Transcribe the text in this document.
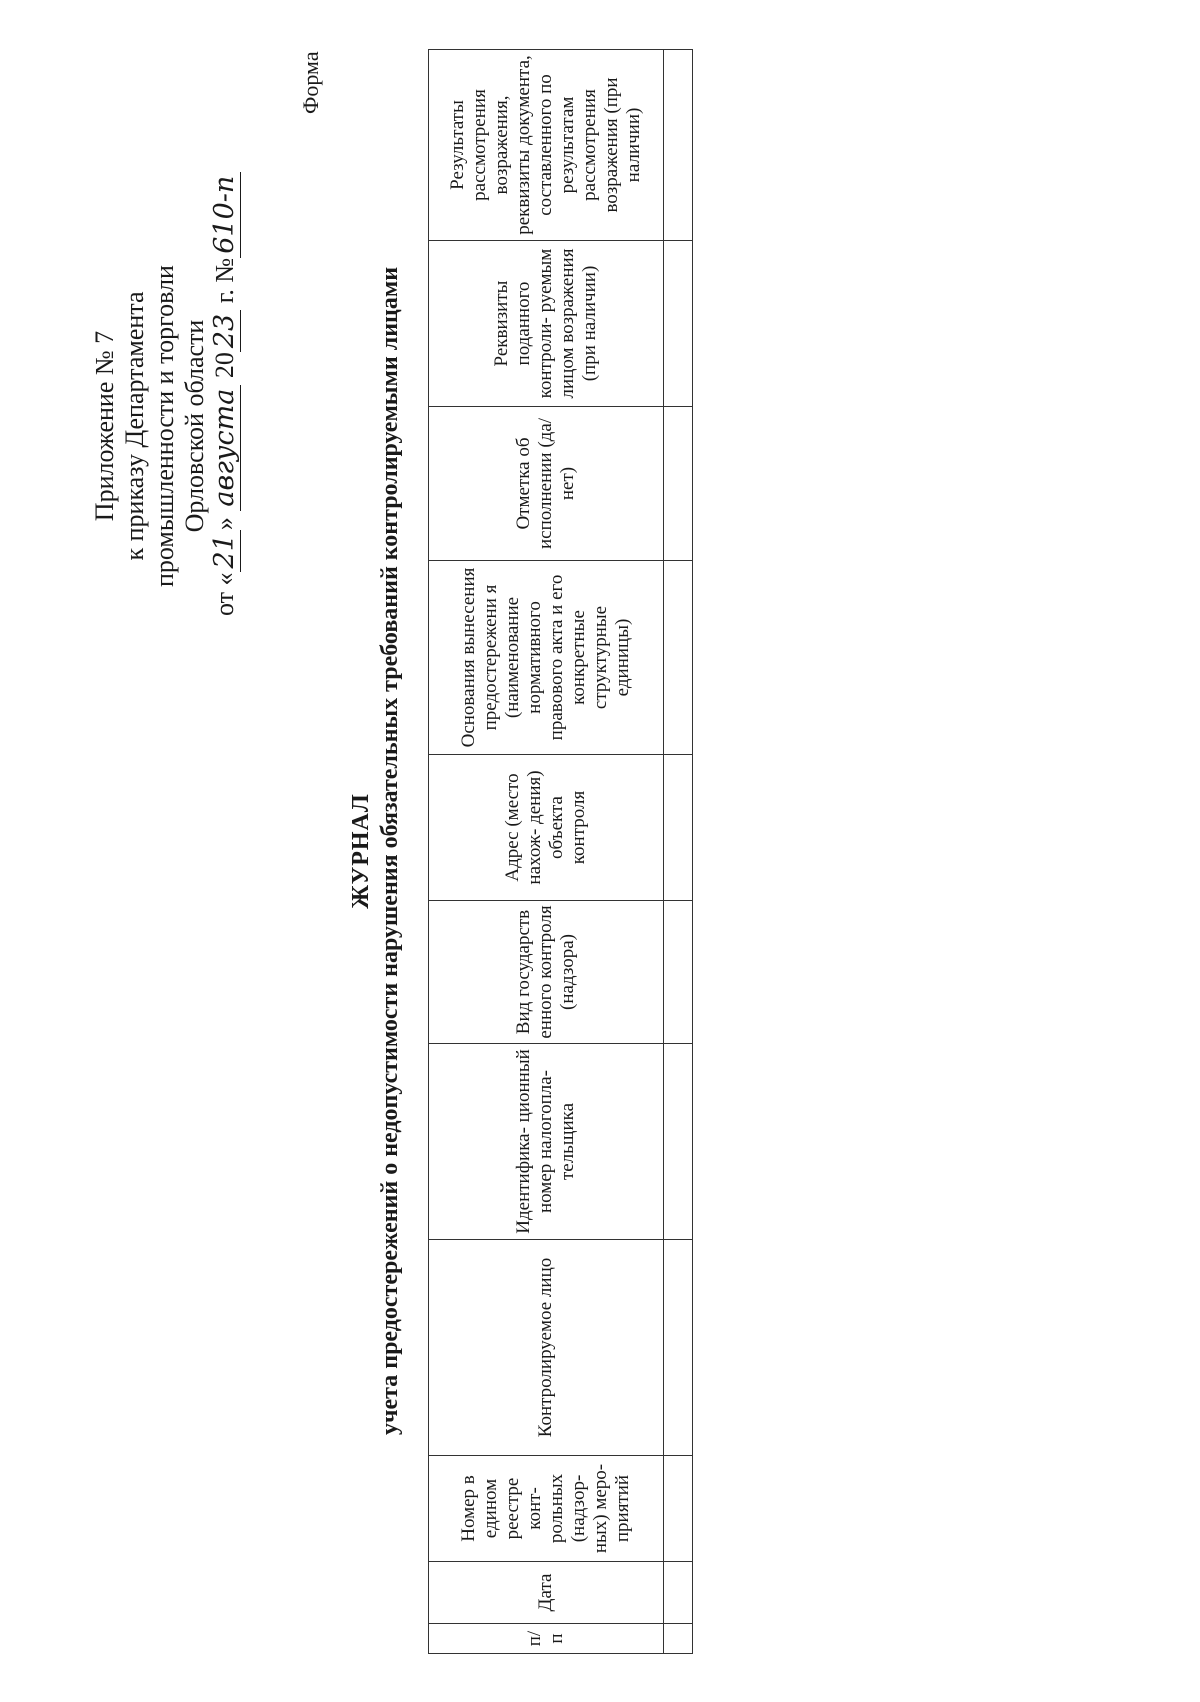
Приложение № 7 к приказу Департамента промышленности и торговли Орловской области
от «21» августа 2023 г. №610-п
Форма
ЖУРНАЛ учета предостережений о недопустимости нарушения обязательных требований контролируемыми лицами
п/п	Дата	Номер в едином реестре конт- рольных (надзор- ных) меро- приятий	Контролируемое лицо	Идентифика- ционный номер налогопла- тельщика	Вид государств енного контроля (надзора)	Адрес (место нахож- дения) объекта контроля	Основания вынесения предостережени я (наименование нормативного правового акта и его конкретные структурные единицы)	Отметка об исполнении (да/ нет)	Реквизиты поданного контроли- руемым лицом возражения (при наличии)	Результаты рассмотрения возражения, реквизиты документа, составленного по результатам рассмотрения возражения (при наличии)
